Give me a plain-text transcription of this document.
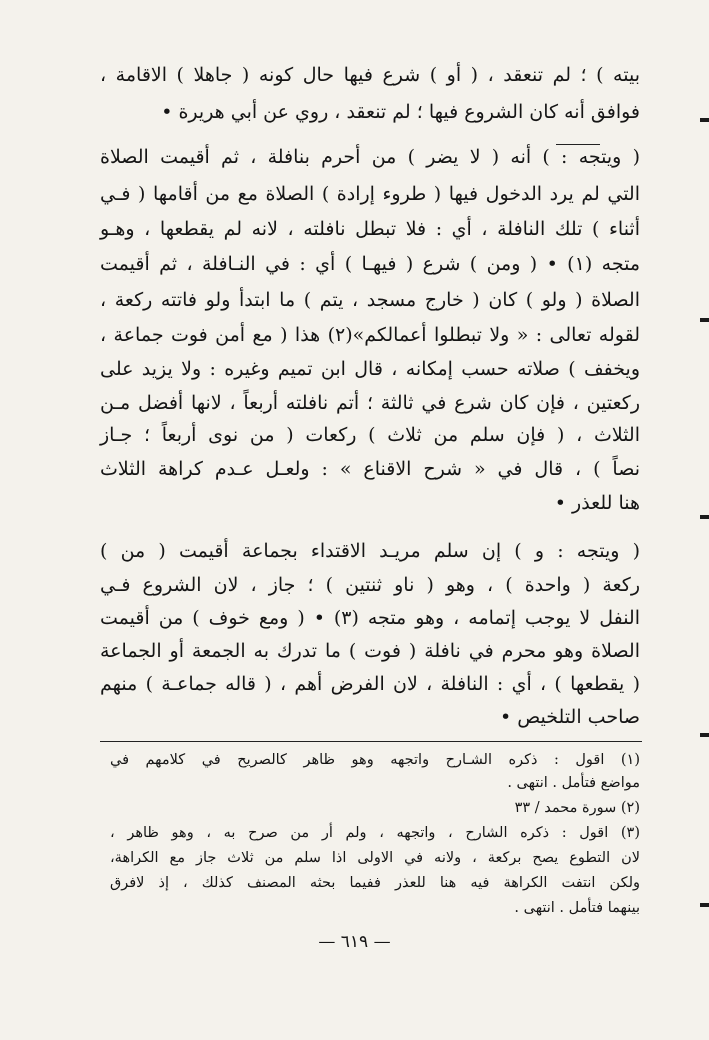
بيته ) ؛ لم تنعقد ، ( أو ) شرع فيها حال كونه ( جاهلا ) الاقامة ،
فوافق أنه كان الشروع فيها ؛ لم تنعقد ، روي عن أبي هريرة •
( ويتجه : ) أنه ( لا يضر ) من أحرم بنافلة ، ثم أقيمت الصلاة
التي لم يرد الدخول فيها ( طروء إرادة ) الصلاة مع من أقامها ( فـي
أثناء ) تلك النافلة ، أي : فلا تبطل نافلته ، لانه لم يقطعها ، وهـو
متجه (١) • ( ومن ) شرع ( فيهـا ) أي : في النـافلة ، ثم أقيمت
الصلاة ( ولو ) كان ( خارج مسجد ، يتم ) ما ابتدأ ولو فاتته ركعة ،
لقوله تعالى : « ولا تبطلوا أعمالكم»(٢) هذا ( مع أمن فوت جماعة ،
ويخفف ) صلاته حسب إمكانه ، قال ابن تميم وغيره : ولا يزيد على
ركعتين ، فإن كان شرع في ثالثة ؛ أتم نافلته أربعاً ، لانها أفضل مـن
الثلاث ، ( فإن سلم من ثلاث ) ركعات ( من نوى أربعاً ؛ جـاز
نصاً ) ، قال في « شرح الاقناع » : ولعـل عـدم كراهة الثلاث
هنا للعذر •
( ويتجه : و ) إن سلم مريـد الاقتداء بجماعة أقيمت ( من )
ركعة ( واحدة ) ، وهو ( ناو ثنتين ) ؛ جاز ، لان الشروع فـي
النفل لا يوجب إتمامه ، وهو متجه (٣) • ( ومع خوف ) من أقيمت
الصلاة وهو محرم في نافلة ( فوت ) ما تدرك به الجمعة أو الجماعة
( يقطعها ) ، أي : النافلة ، لان الفرض أهم ، ( قاله جماعـة ) منهم
صاحب التلخيص •
(١) اقول : ذكره الشـارح واتجهه وهو ظاهر كالصريح في كلامهم في
مواضع فتأمل . انتهى .
(٢) سورة محمد / ٣٣
(٣) اقول : ذكره الشارح ، واتجهه ، ولم أر من صرح به ، وهو ظاهر ،
لان التطوع يصح بركعة ، ولانه في الاولى اذا سلم من ثلاث جاز مع الكراهة،
ولكن انتفت الكراهة فيه هنا للعذر ففيما بحثه المصنف كذلك ، إذ لافرق
بينهما فتأمل . انتهى .
— ٦١٩ —
